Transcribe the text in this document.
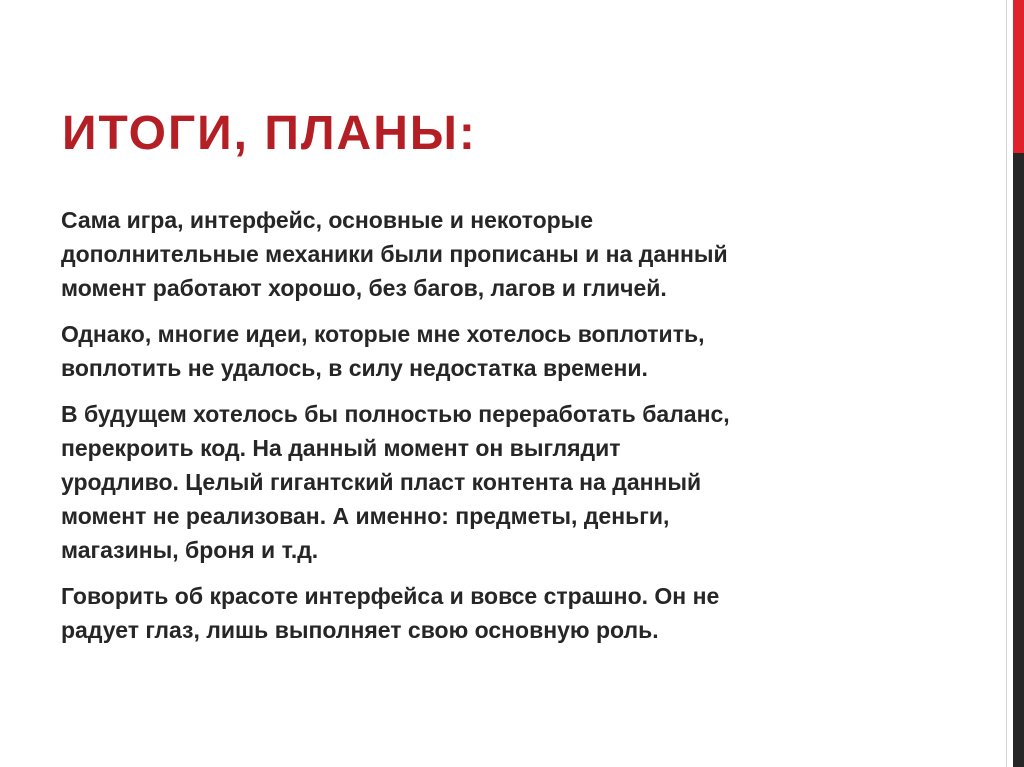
ИТОГИ, ПЛАНЫ:

Сама игра, интерфейс, основные и некоторые
дополнительные механики были прописаны и на данный
момент работают хорошо, без багов, лагов и гличей.

Однако, многие идеи, которые мне хотелось воплотить,
воплотить не удалось, в силу недостатка времени.

В будущем хотелось бы полностью переработать баланс,
перекроить код. На данный момент он выглядит
уродливо. Целый гигантский пласт контента на данный
момент не реализован. А именно: предметы, деньги,
магазины, броня и т.д.

Говорить об красоте интерфейса и вовсе страшно. Он не
радует глаз, лишь выполняет свою основную роль.
